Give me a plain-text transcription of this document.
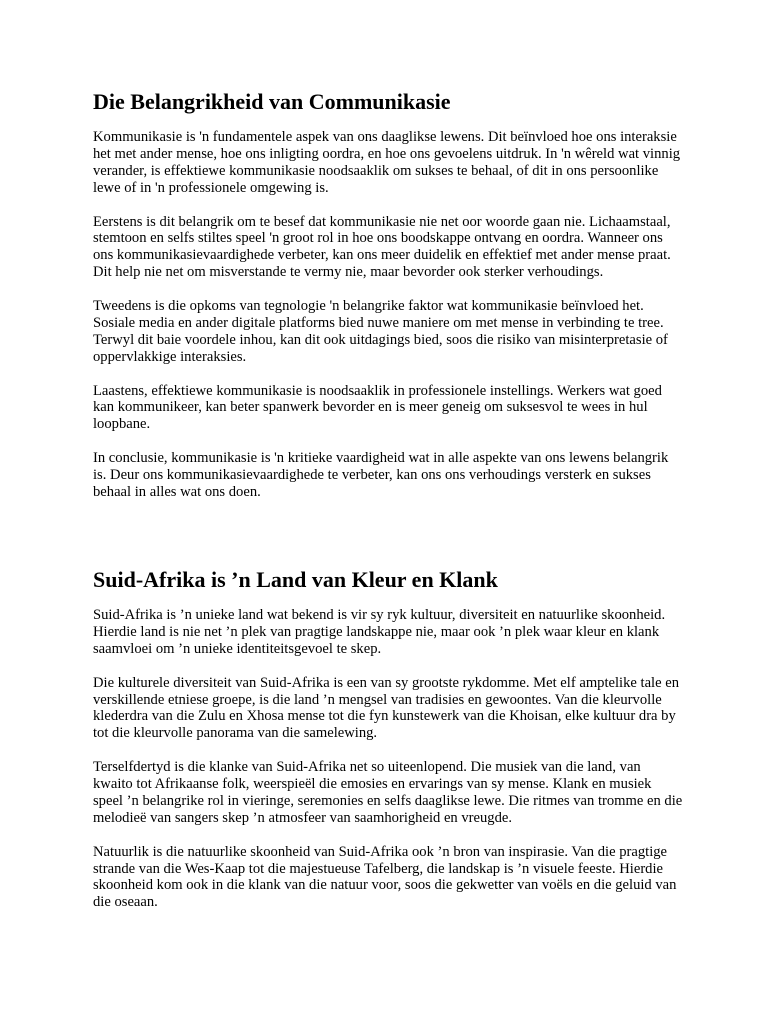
Die Belangrikheid van Communikasie

Kommunikasie is 'n fundamentele aspek van ons daaglikse lewens. Dit beïnvloed hoe ons interaksie het met ander mense, hoe ons inligting oordra, en hoe ons gevoelens uitdruk. In 'n wêreld wat vinnig verander, is effektiewe kommunikasie noodsaaklik om sukses te behaal, of dit in ons persoonlike lewe of in 'n professionele omgewing is.

Eerstens is dit belangrik om te besef dat kommunikasie nie net oor woorde gaan nie. Lichaamstaal, stemtoon en selfs stiltes speel 'n groot rol in hoe ons boodskappe ontvang en oordra. Wanneer ons ons kommunikasievaardighede verbeter, kan ons meer duidelik en effektief met ander mense praat. Dit help nie net om misverstande te vermy nie, maar bevorder ook sterker verhoudings.

Tweedens is die opkoms van tegnologie 'n belangrike faktor wat kommunikasie beïnvloed het. Sosiale media en ander digitale platforms bied nuwe maniere om met mense in verbinding te tree. Terwyl dit baie voordele inhou, kan dit ook uitdagings bied, soos die risiko van misinterpretasie of oppervlakkige interaksies.

Laastens, effektiewe kommunikasie is noodsaaklik in professionele instellings. Werkers wat goed kan kommunikeer, kan beter spanwerk bevorder en is meer geneig om suksesvol te wees in hul loopbane.

In conclusie, kommunikasie is 'n kritieke vaardigheid wat in alle aspekte van ons lewens belangrik is. Deur ons kommunikasievaardighede te verbeter, kan ons ons verhoudings versterk en sukses behaal in alles wat ons doen.

Suid-Afrika is ’n Land van Kleur en Klank

Suid-Afrika is ’n unieke land wat bekend is vir sy ryk kultuur, diversiteit en natuurlike skoonheid. Hierdie land is nie net ’n plek van pragtige landskappe nie, maar ook ’n plek waar kleur en klank saamvloei om ’n unieke identiteitsgevoel te skep.

Die kulturele diversiteit van Suid-Afrika is een van sy grootste rykdomme. Met elf amptelike tale en verskillende etniese groepe, is die land ’n mengsel van tradisies en gewoontes. Van die kleurvolle klederdra van die Zulu en Xhosa mense tot die fyn kunstewerk van die Khoisan, elke kultuur dra by tot die kleurvolle panorama van die samelewing.

Terselfdertyd is die klanke van Suid-Afrika net so uiteenlopend. Die musiek van die land, van kwaito tot Afrikaanse folk, weerspieël die emosies en ervarings van sy mense. Klank en musiek speel ’n belangrike rol in vieringe, seremonies en selfs daaglikse lewe. Die ritmes van tromme en die melodieë van sangers skep ’n atmosfeer van saamhorigheid en vreugde.

Natuurlik is die natuurlike skoonheid van Suid-Afrika ook ’n bron van inspirasie. Van die pragtige strande van die Wes-Kaap tot die majestueuse Tafelberg, die landskap is ’n visuele feeste. Hierdie skoonheid kom ook in die klank van die natuur voor, soos die gekwetter van voëls en die geluid van die oseaan.
